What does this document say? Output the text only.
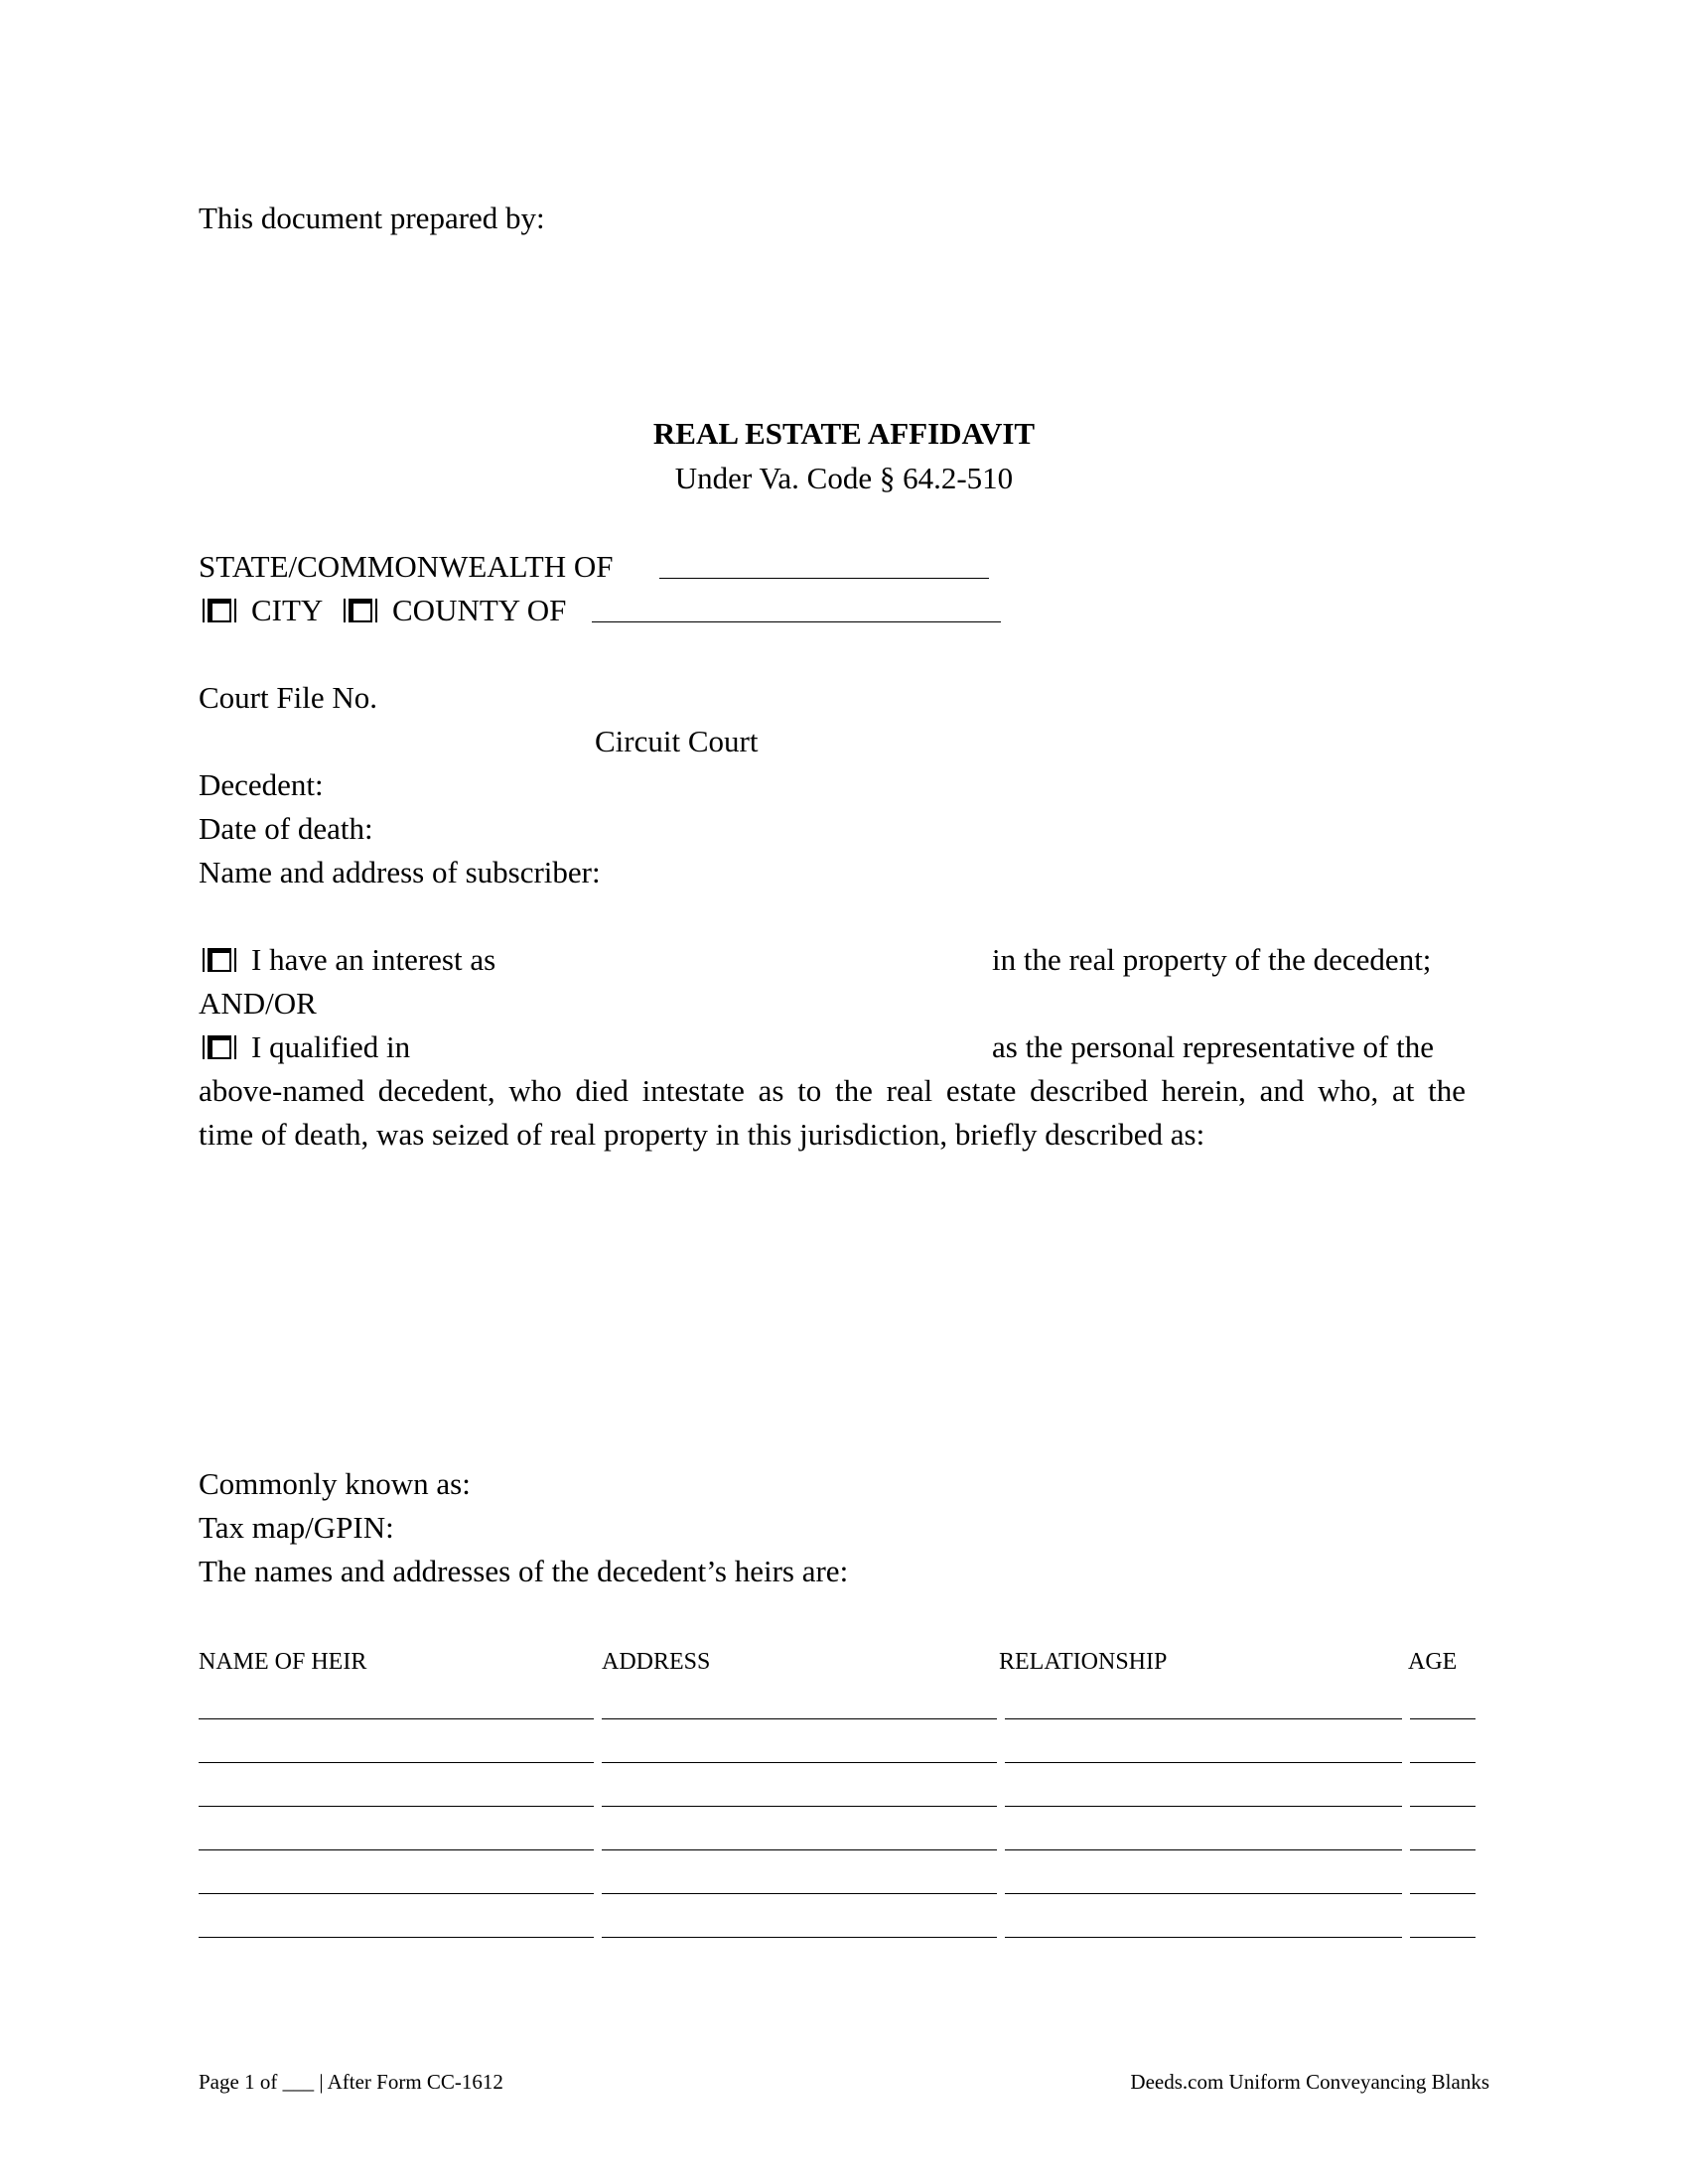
This document prepared by:
REAL ESTATE AFFIDAVIT
Under Va. Code § 64.2-510
STATE/COMMONWEALTH OF
CITY COUNTY OF
Court File No.
Circuit Court
Decedent:
Date of death:
Name and address of subscriber:
I have an interest as	in the real property of the decedent;
AND/OR
I qualified in	as the personal representative of the
above-named decedent, who died intestate as to the real estate described herein, and who, at the
time of death, was seized of real property in this jurisdiction, briefly described as:
Commonly known as:
Tax map/GPIN:
The names and addresses of the decedent’s heirs are:
NAME OF HEIR	ADDRESS	RELATIONSHIP	AGE
Page 1 of ___ | After Form CC-1612	Deeds.com Uniform Conveyancing Blanks
